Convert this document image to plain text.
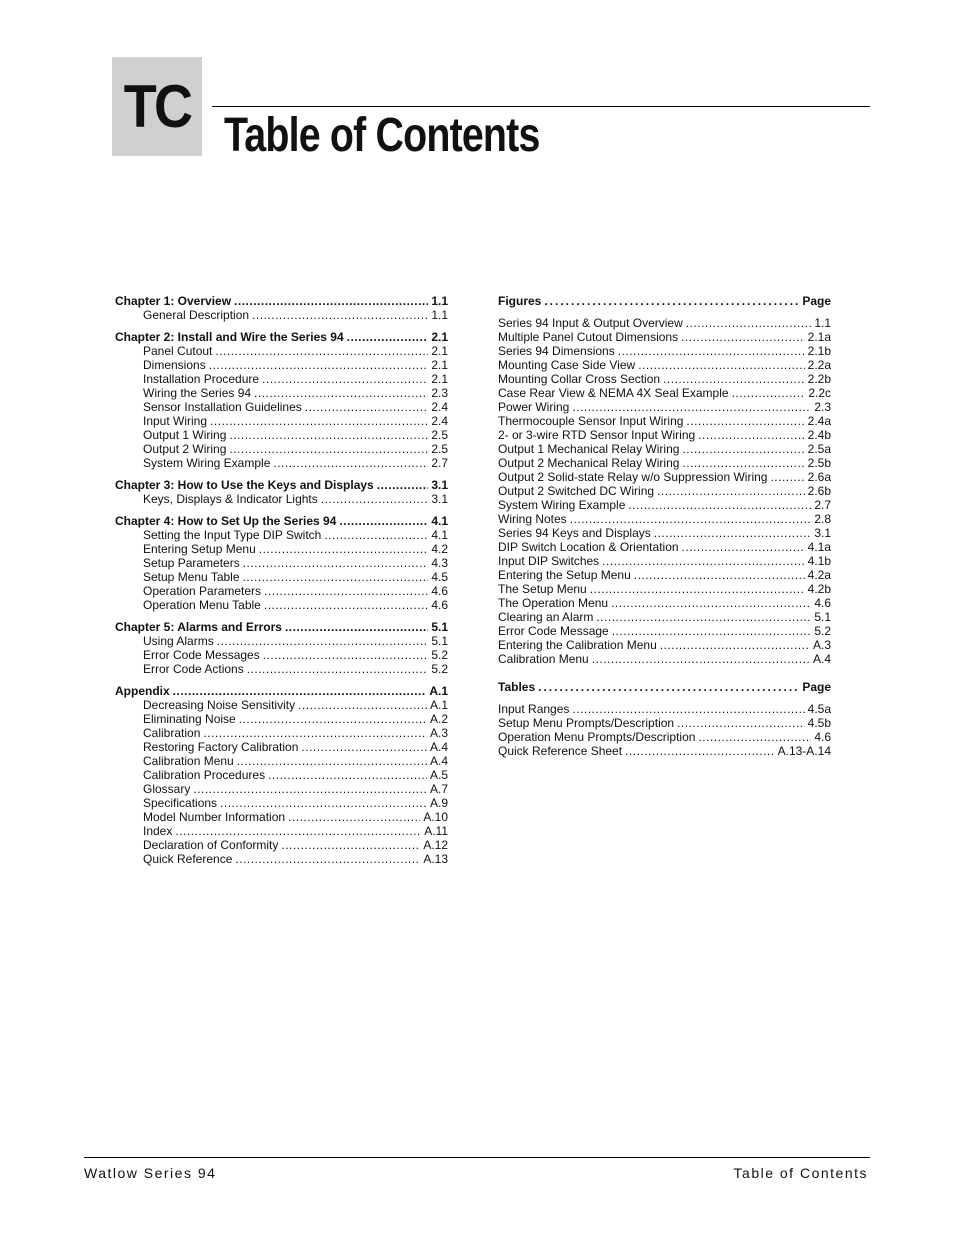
TC Table of Contents
Chapter 1: Overview .....	1.1
General Description .....	1.1
Chapter 2: Install and Wire the Series 94 .....	2.1
Panel Cutout .....	2.1
Dimensions .....	2.1
Installation Procedure .....	2.1
Wiring the Series 94 .....	2.3
Sensor Installation Guidelines .....	2.4
Input Wiring .....	2.4
Output 1 Wiring .....	2.5
Output 2 Wiring .....	2.5
System Wiring Example .....	2.7
Chapter 3: How to Use the Keys and Displays .....	3.1
Keys, Displays & Indicator Lights .....	3.1
Chapter 4: How to Set Up the Series 94 .....	4.1
Setting the Input Type DIP Switch .....	4.1
Entering Setup Menu .....	4.2
Setup Parameters .....	4.3
Setup Menu Table .....	4.5
Operation Parameters .....	4.6
Operation Menu Table .....	4.6
Chapter 5: Alarms and Errors .....	5.1
Using Alarms .....	5.1
Error Code Messages .....	5.2
Error Code Actions .....	5.2
Appendix .....	A.1
Decreasing Noise Sensitivity .....	A.1
Eliminating Noise .....	A.2
Calibration .....	A.3
Restoring Factory Calibration .....	A.4
Calibration Menu .....	A.4
Calibration Procedures .....	A.5
Glossary .....	A.7
Specifications .....	A.9
Model Number Information .....	A.10
Index .....	A.11
Declaration of Conformity .....	A.12
Quick Reference .....	A.13
Figures .....	Page
Series 94 Input & Output Overview .....	1.1
Multiple Panel Cutout Dimensions .....	2.1a
Series 94 Dimensions .....	2.1b
Mounting Case Side View .....	2.2a
Mounting Collar Cross Section .....	2.2b
Case Rear View & NEMA 4X Seal Example .....	2.2c
Power Wiring .....	2.3
Thermocouple Sensor Input Wiring .....	2.4a
2- or 3-wire RTD Sensor Input Wiring .....	2.4b
Output 1 Mechanical Relay Wiring .....	2.5a
Output 2 Mechanical Relay Wiring .....	2.5b
Output 2 Solid-state Relay w/o Suppression Wiring .....	2.6a
Output 2 Switched DC Wiring .....	2.6b
System Wiring Example .....	2.7
Wiring Notes .....	2.8
Series 94 Keys and Displays .....	3.1
DIP Switch Location & Orientation .....	4.1a
Input DIP Switches .....	4.1b
Entering the Setup Menu .....	4.2a
The Setup Menu .....	4.2b
The Operation Menu .....	4.6
Clearing an Alarm .....	5.1
Error Code Message .....	5.2
Entering the Calibration Menu .....	A.3
Calibration Menu .....	A.4
Tables .....	Page
Input Ranges .....	4.5a
Setup Menu Prompts/Description .....	4.5b
Operation Menu Prompts/Description .....	4.6
Quick Reference Sheet .....	A.13-A.14
Watlow Series 94	Table of Contents
